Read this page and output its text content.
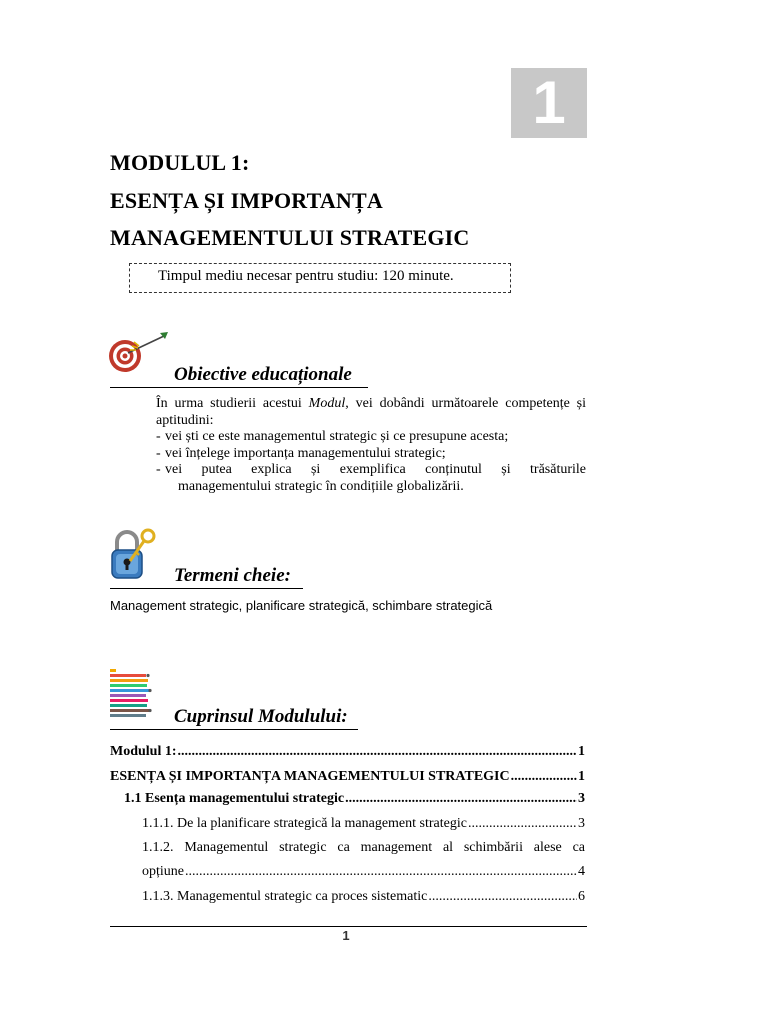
1
MODULUL 1:
ESENȚA ȘI IMPORTANȚA
MANAGEMENTULUI STRATEGIC
Timpul mediu necesar pentru studiu: 120 minute.
Obiective educaționale

În urma studierii acestui Modul, vei dobândi următoarele competențe și aptitudini:

- vei ști ce este managementul strategic și ce presupune acesta;
- vei înțelege importanța managementului strategic;
- vei putea explica și exemplifica conținutul și trăsăturile
managementului strategic în condițiile globalizării.
Termeni cheie:
Management strategic, planificare strategică, schimbare strategică
Cuprinsul Modulului:
Modulul 1: .....	1
ESENȚA ȘI IMPORTANȚA MANAGEMENTULUI STRATEGIC .....	1
1.1 Esența managementului strategic .....	3
1.1.1. De la planificare strategică la management strategic .....	3
1.1.2. Managementul strategic ca management al schimbării alese ca
opțiune .....	4
1.1.3. Managementul strategic ca proces sistematic .....	6
1
